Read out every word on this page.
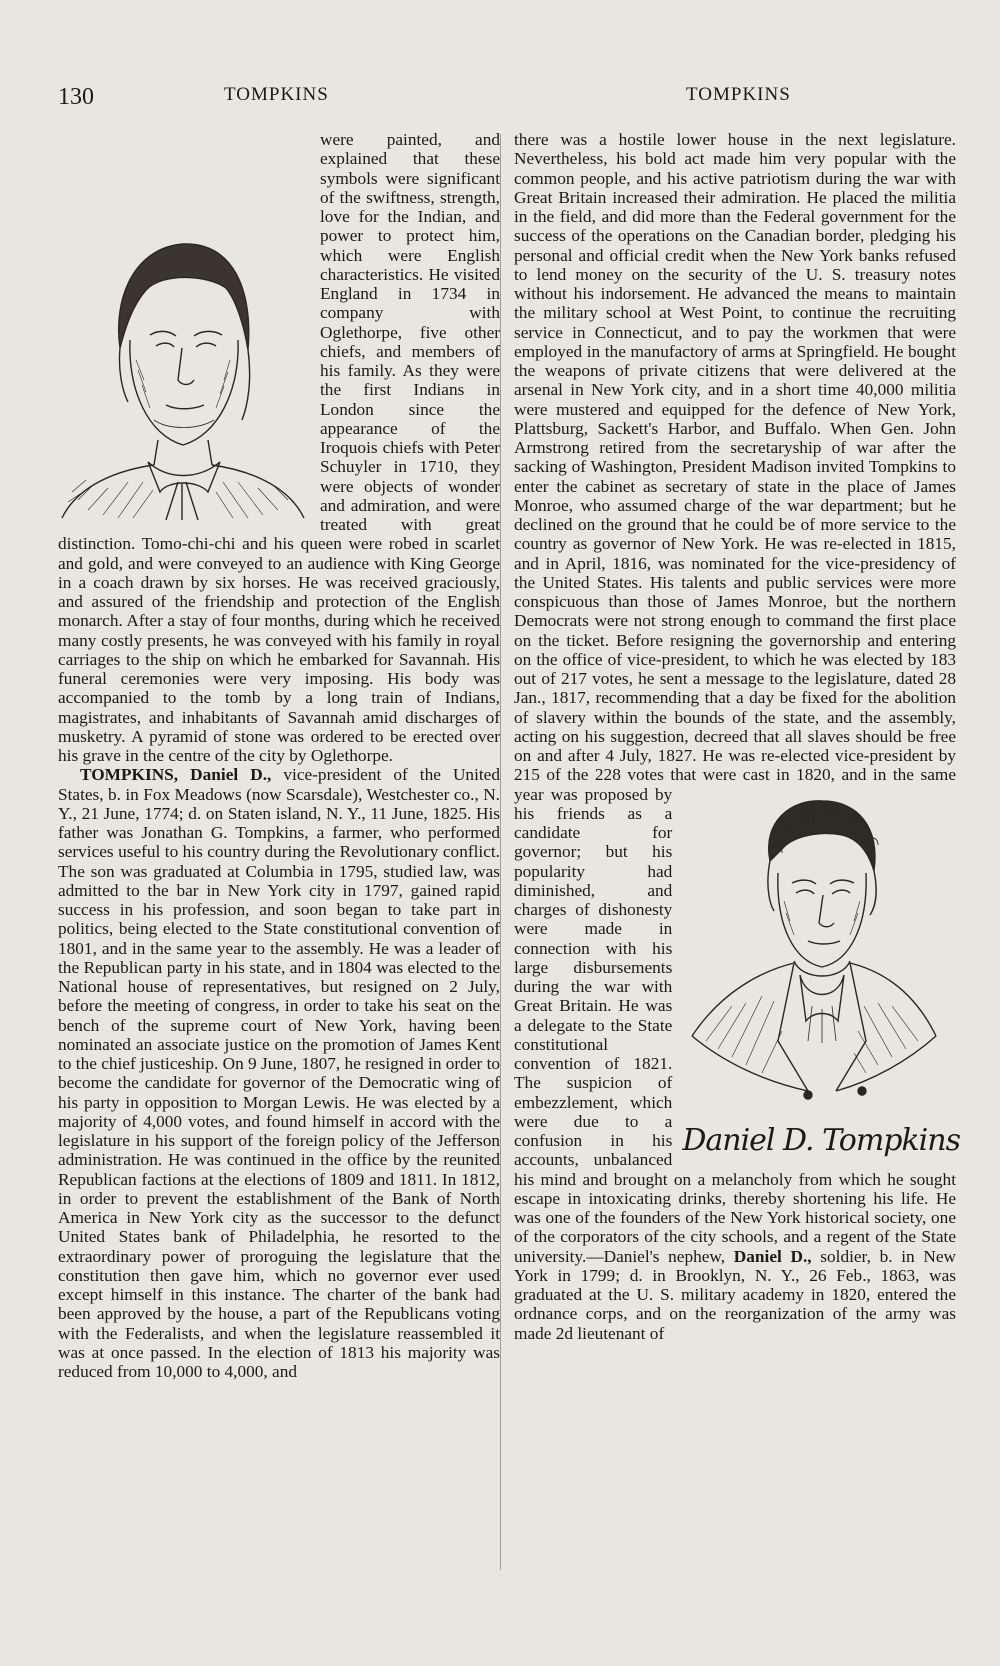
130	TOMPKINS	TOMPKINS

were painted, and explained that these symbols were significant of the swiftness, strength, love for the Indian, and power to protect him, which were English characteristics. He visited England in 1734 in company with Oglethorpe, five other chiefs, and members of his family. As they were the first Indians in London since the appearance of the Iroquois chiefs with Peter Schuyler in 1710, they were objects of wonder and admiration, and were treated with great distinction. Tomo-chi-chi and his queen were robed in scarlet and gold, and were conveyed to an audience with King George in a coach drawn by six horses. He was received graciously, and assured of the friendship and protection of the English monarch. After a stay of four months, during which he received many costly presents, he was conveyed with his family in royal carriages to the ship on which he embarked for Savannah. His funeral ceremonies were very imposing. His body was accompanied to the tomb by a long train of Indians, magistrates, and inhabitants of Savannah amid discharges of musketry. A pyramid of stone was ordered to be erected over his grave in the centre of the city by Oglethorpe.

TOMPKINS, Daniel D., vice-president of the United States, b. in Fox Meadows (now Scarsdale), Westchester co., N. Y., 21 June, 1774; d. on Staten island, N. Y., 11 June, 1825. His father was Jonathan G. Tompkins, a farmer, who performed services useful to his country during the Revolutionary conflict. The son was graduated at Columbia in 1795, studied law, was admitted to the bar in New York city in 1797, gained rapid success in his profession, and soon began to take part in politics, being elected to the State constitutional convention of 1801, and in the same year to the assembly. He was a leader of the Republican party in his state, and in 1804 was elected to the National house of representatives, but resigned on 2 July, before the meeting of congress, in order to take his seat on the bench of the supreme court of New York, having been nominated an associate justice on the promotion of James Kent to the chief justiceship. On 9 June, 1807, he resigned in order to become the candidate for governor of the Democratic wing of his party in opposition to Morgan Lewis. He was elected by a majority of 4,000 votes, and found himself in accord with the legislature in his support of the foreign policy of the Jefferson administration. He was continued in the office by the reunited Republican factions at the elections of 1809 and 1811. In 1812, in order to prevent the establishment of the Bank of North America in New York city as the successor to the defunct United States bank of Philadelphia, he resorted to the extraordinary power of proroguing the legislature that the constitution then gave him, which no governor ever used except himself in this instance. The charter of the bank had been approved by the house, a part of the Republicans voting with the Federalists, and when the legislature reassembled it was at once passed. In the election of 1813 his majority was reduced from 10,000 to 4,000, and

there was a hostile lower house in the next legislature. Nevertheless, his bold act made him very popular with the common people, and his active patriotism during the war with Great Britain increased their admiration. He placed the militia in the field, and did more than the Federal government for the success of the operations on the Canadian border, pledging his personal and official credit when the New York banks refused to lend money on the security of the U. S. treasury notes without his indorsement. He advanced the means to maintain the military school at West Point, to continue the recruiting service in Connecticut, and to pay the workmen that were employed in the manufactory of arms at Springfield. He bought the weapons of private citizens that were delivered at the arsenal in New York city, and in a short time 40,000 militia were mustered and equipped for the defence of New York, Plattsburg, Sackett's Harbor, and Buffalo. When Gen. John Armstrong retired from the secretaryship of war after the sacking of Washington, President Madison invited Tompkins to enter the cabinet as secretary of state in the place of James Monroe, who assumed charge of the war department; but he declined on the ground that he could be of more service to the country as governor of New York. He was re-elected in 1815, and in April, 1816, was nominated for the vice-presidency of the United States. His talents and public services were more conspicuous than those of James Monroe, but the northern Democrats were not strong enough to command the first place on the ticket. Before resigning the governorship and entering on the office of vice-president, to which he was elected by 183 out of 217 votes, he sent a message to the legislature, dated 28 Jan., 1817, recommending that a day be fixed for the abolition of slavery within the bounds of the state, and the assembly, acting on his suggestion, decreed that all slaves should be free on and after 4 July, 1827. He was re-elected vice-president by 215 of the 228 votes that were cast in 1820,
Daniel D. Tompkins
and in the same year was proposed by his friends as a candidate for governor; but his popularity had diminished, and charges of dishonesty were made in connection with his large disbursements during the war with Great Britain. He was a delegate to the State constitutional convention of 1821. The suspicion of embezzlement, which were due to a confusion in his accounts, unbalanced his mind and brought on a melancholy from which he sought escape in intoxicating drinks, thereby shortening his life. He was one of the founders of the New York historical society, one of the corporators of the city schools, and a regent of the State university.—Daniel's nephew, Daniel D., soldier, b. in New York in 1799; d. in Brooklyn, N. Y., 26 Feb., 1863, was graduated at the U. S. military academy in 1820, entered the ordnance corps, and on the reorganization of the army was made 2d lieutenant of
